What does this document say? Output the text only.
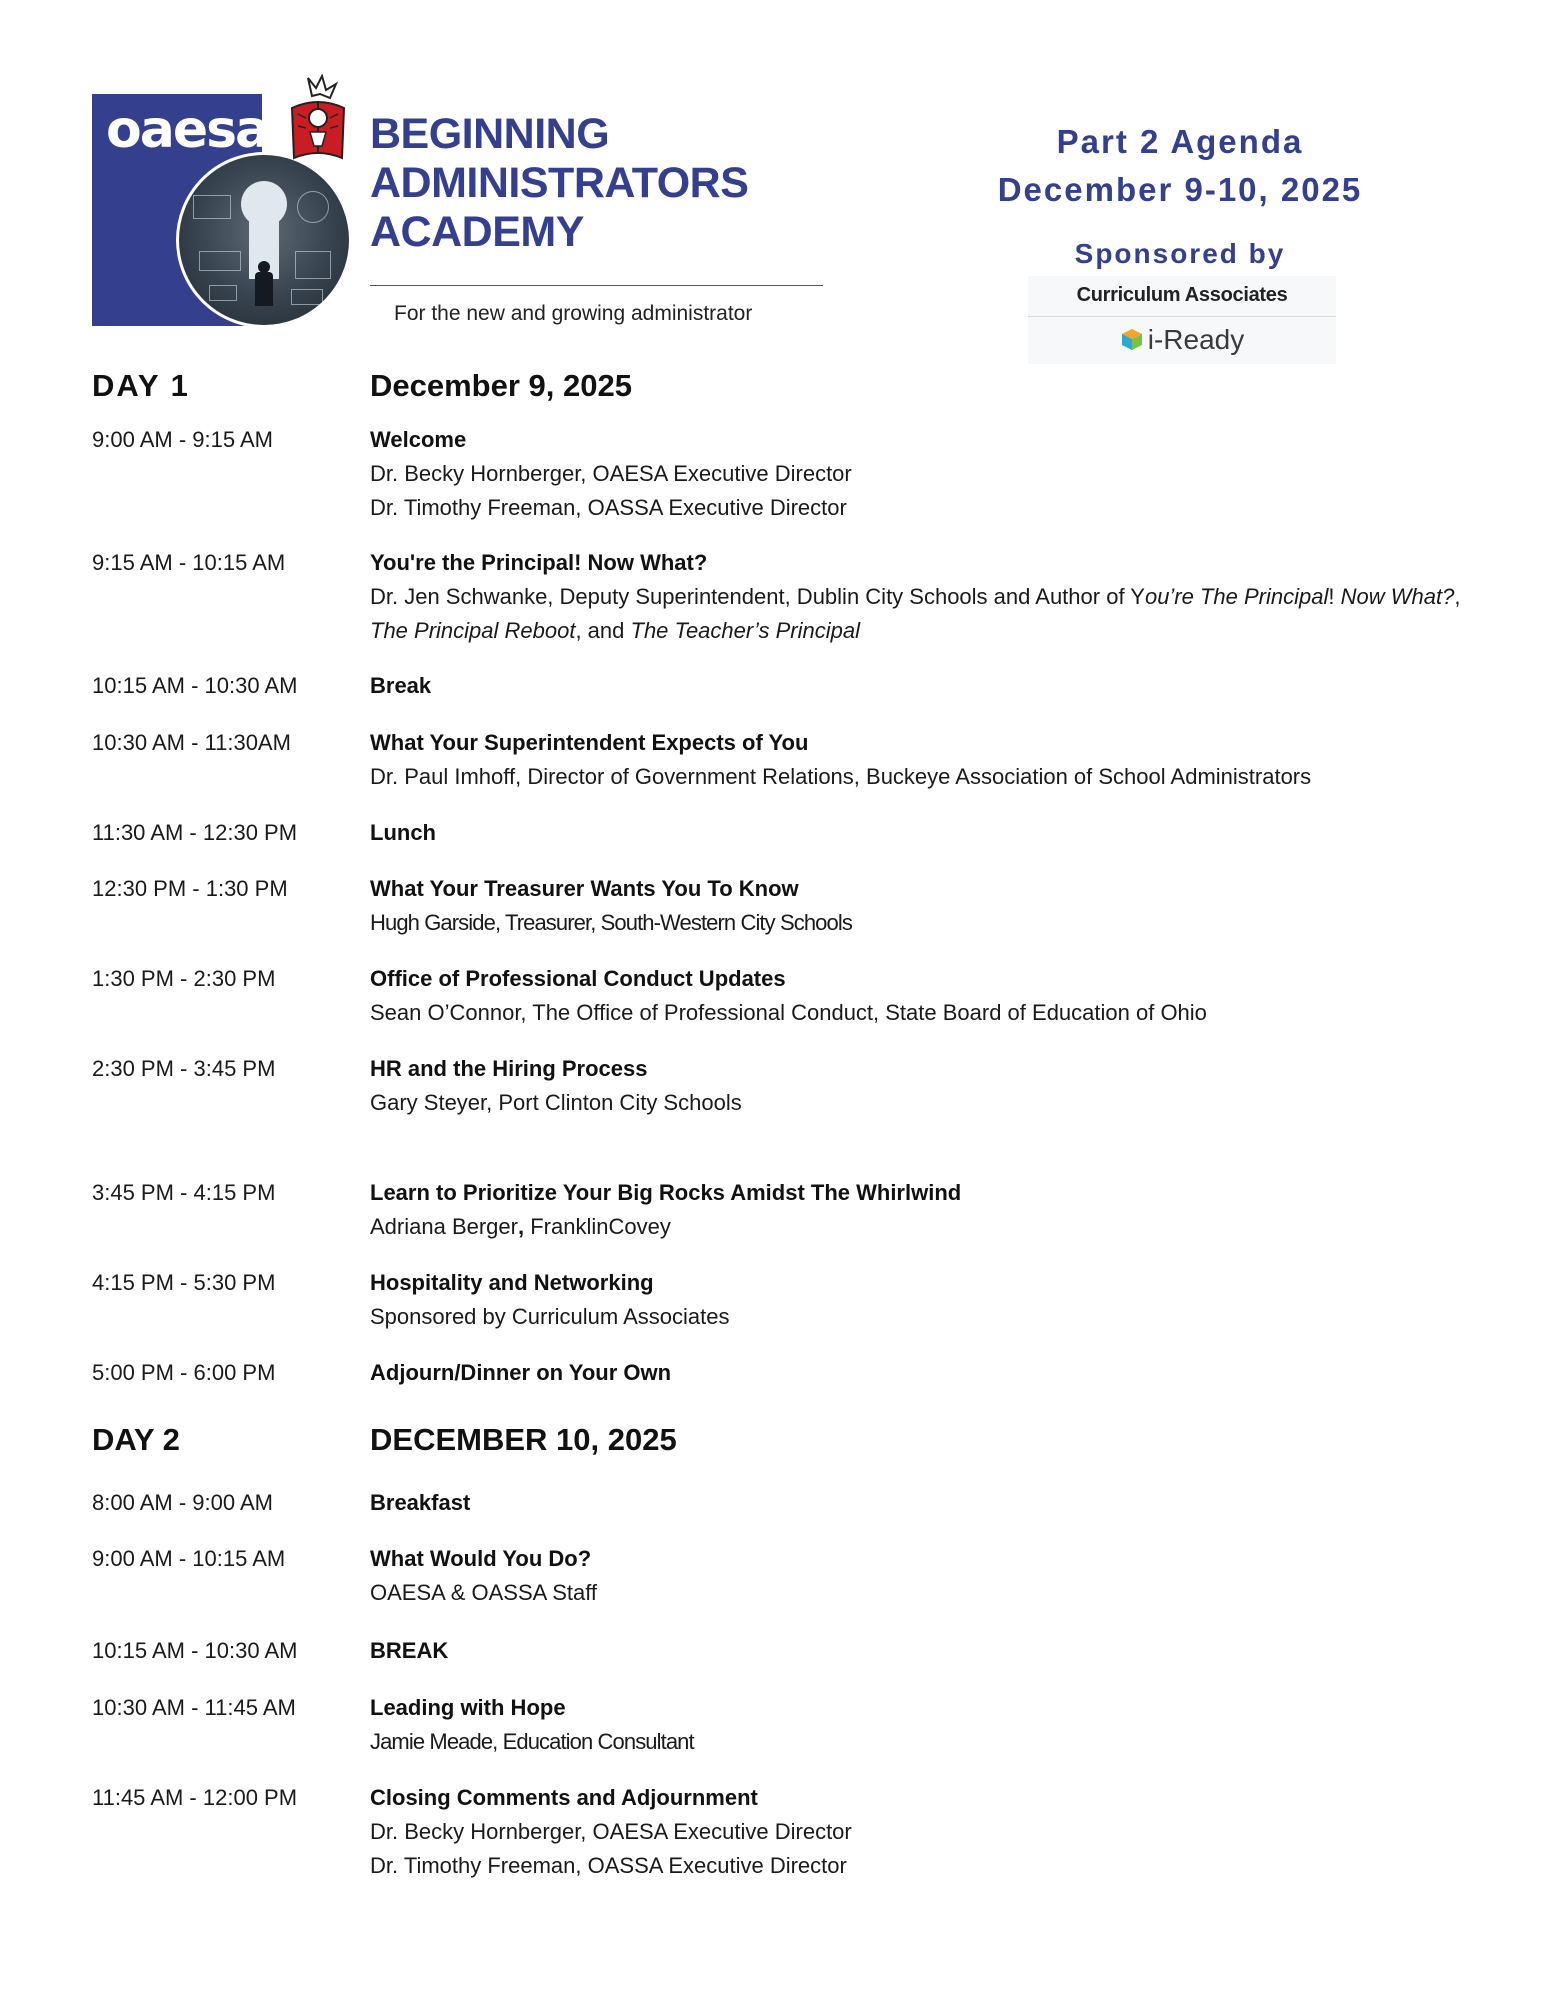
oaesa BEGINNING
ADMINISTRATORS
ACADEMY
For the new and growing administrator
Part 2 Agenda
December 9-10, 2025
Sponsored by
Curriculum Associates
i-Ready
DAY 1	December 9, 2025
9:00 AM - 9:15 AM	Welcome
Dr. Becky Hornberger, OAESA Executive Director
Dr. Timothy Freeman, OASSA Executive Director
9:15 AM - 10:15 AM	You're the Principal! Now What?
Dr. Jen Schwanke, Deputy Superintendent, Dublin City Schools and Author of You’re The Principal! Now What?, The Principal Reboot, and The Teacher’s Principal
10:15 AM - 10:30 AM	Break
10:30 AM - 11:30AM	What Your Superintendent Expects of You
Dr. Paul Imhoff, Director of Government Relations, Buckeye Association of School Administrators
11:30 AM - 12:30 PM	Lunch
12:30 PM - 1:30 PM	What Your Treasurer Wants You To Know
Hugh Garside, Treasurer, South-Western City Schools
1:30 PM - 2:30 PM	Office of Professional Conduct Updates
Sean O’Connor, The Office of Professional Conduct, State Board of Education of Ohio
2:30 PM - 3:45 PM	HR and the Hiring Process
Gary Steyer, Port Clinton City Schools
3:45 PM - 4:15 PM	Learn to Prioritize Your Big Rocks Amidst The Whirlwind
Adriana Berger, FranklinCovey
4:15 PM - 5:30 PM	Hospitality and Networking
Sponsored by Curriculum Associates
5:00 PM - 6:00 PM	Adjourn/Dinner on Your Own
DAY 2	DECEMBER 10, 2025
8:00 AM - 9:00 AM	Breakfast
9:00 AM - 10:15 AM	What Would You Do?
OAESA & OASSA Staff
10:15 AM - 10:30 AM	BREAK
10:30 AM - 11:45 AM	Leading with Hope
Jamie Meade, Education Consultant
11:45 AM - 12:00 PM	Closing Comments and Adjournment
Dr. Becky Hornberger, OAESA Executive Director
Dr. Timothy Freeman, OASSA Executive Director
